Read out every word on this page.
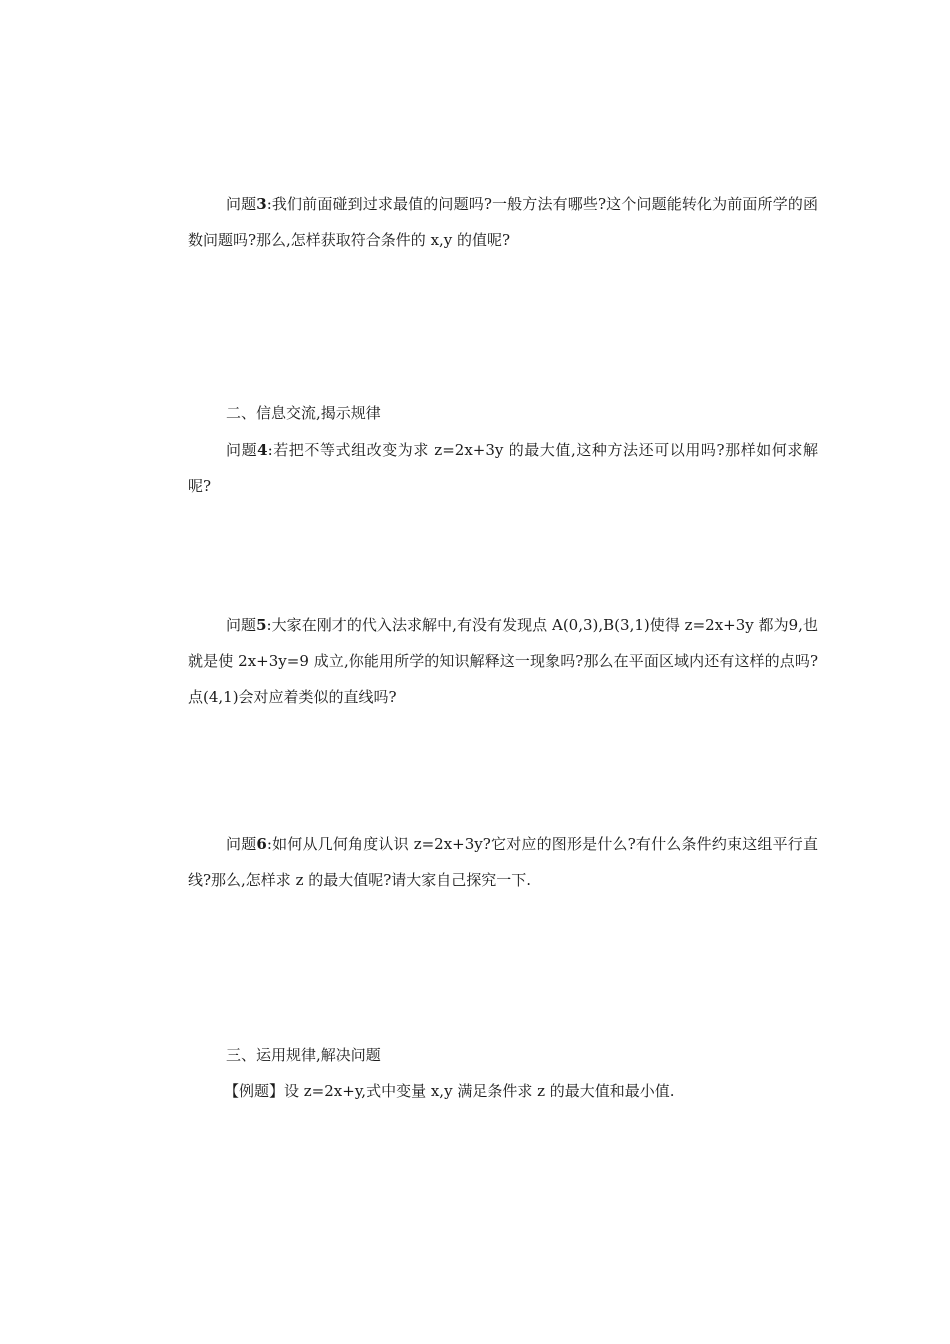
问题3:我们前面碰到过求最值的问题吗?一般方法有哪些?这个问题能转化为前面所学的函数问题吗?那么,怎样获取符合条件的 x,y 的值呢?

二、信息交流,揭示规律

问题4:若把不等式组改变为求 z=2x+3y 的最大值,这种方法还可以用吗?那样如何求解呢?

问题5:大家在刚才的代入法求解中,有没有发现点 A(0,3),B(3,1)使得 z=2x+3y 都为9,也就是使 2x+3y=9 成立,你能用所学的知识解释这一现象吗?那么在平面区域内还有这样的点吗?点(4,1)会对应着类似的直线吗?

问题6:如何从几何角度认识 z=2x+3y?它对应的图形是什么?有什么条件约束这组平行直线?那么,怎样求 z 的最大值呢?请大家自己探究一下.

三、运用规律,解决问题

【例题】设 z=2x+y,式中变量 x,y 满足条件求 z 的最大值和最小值.
